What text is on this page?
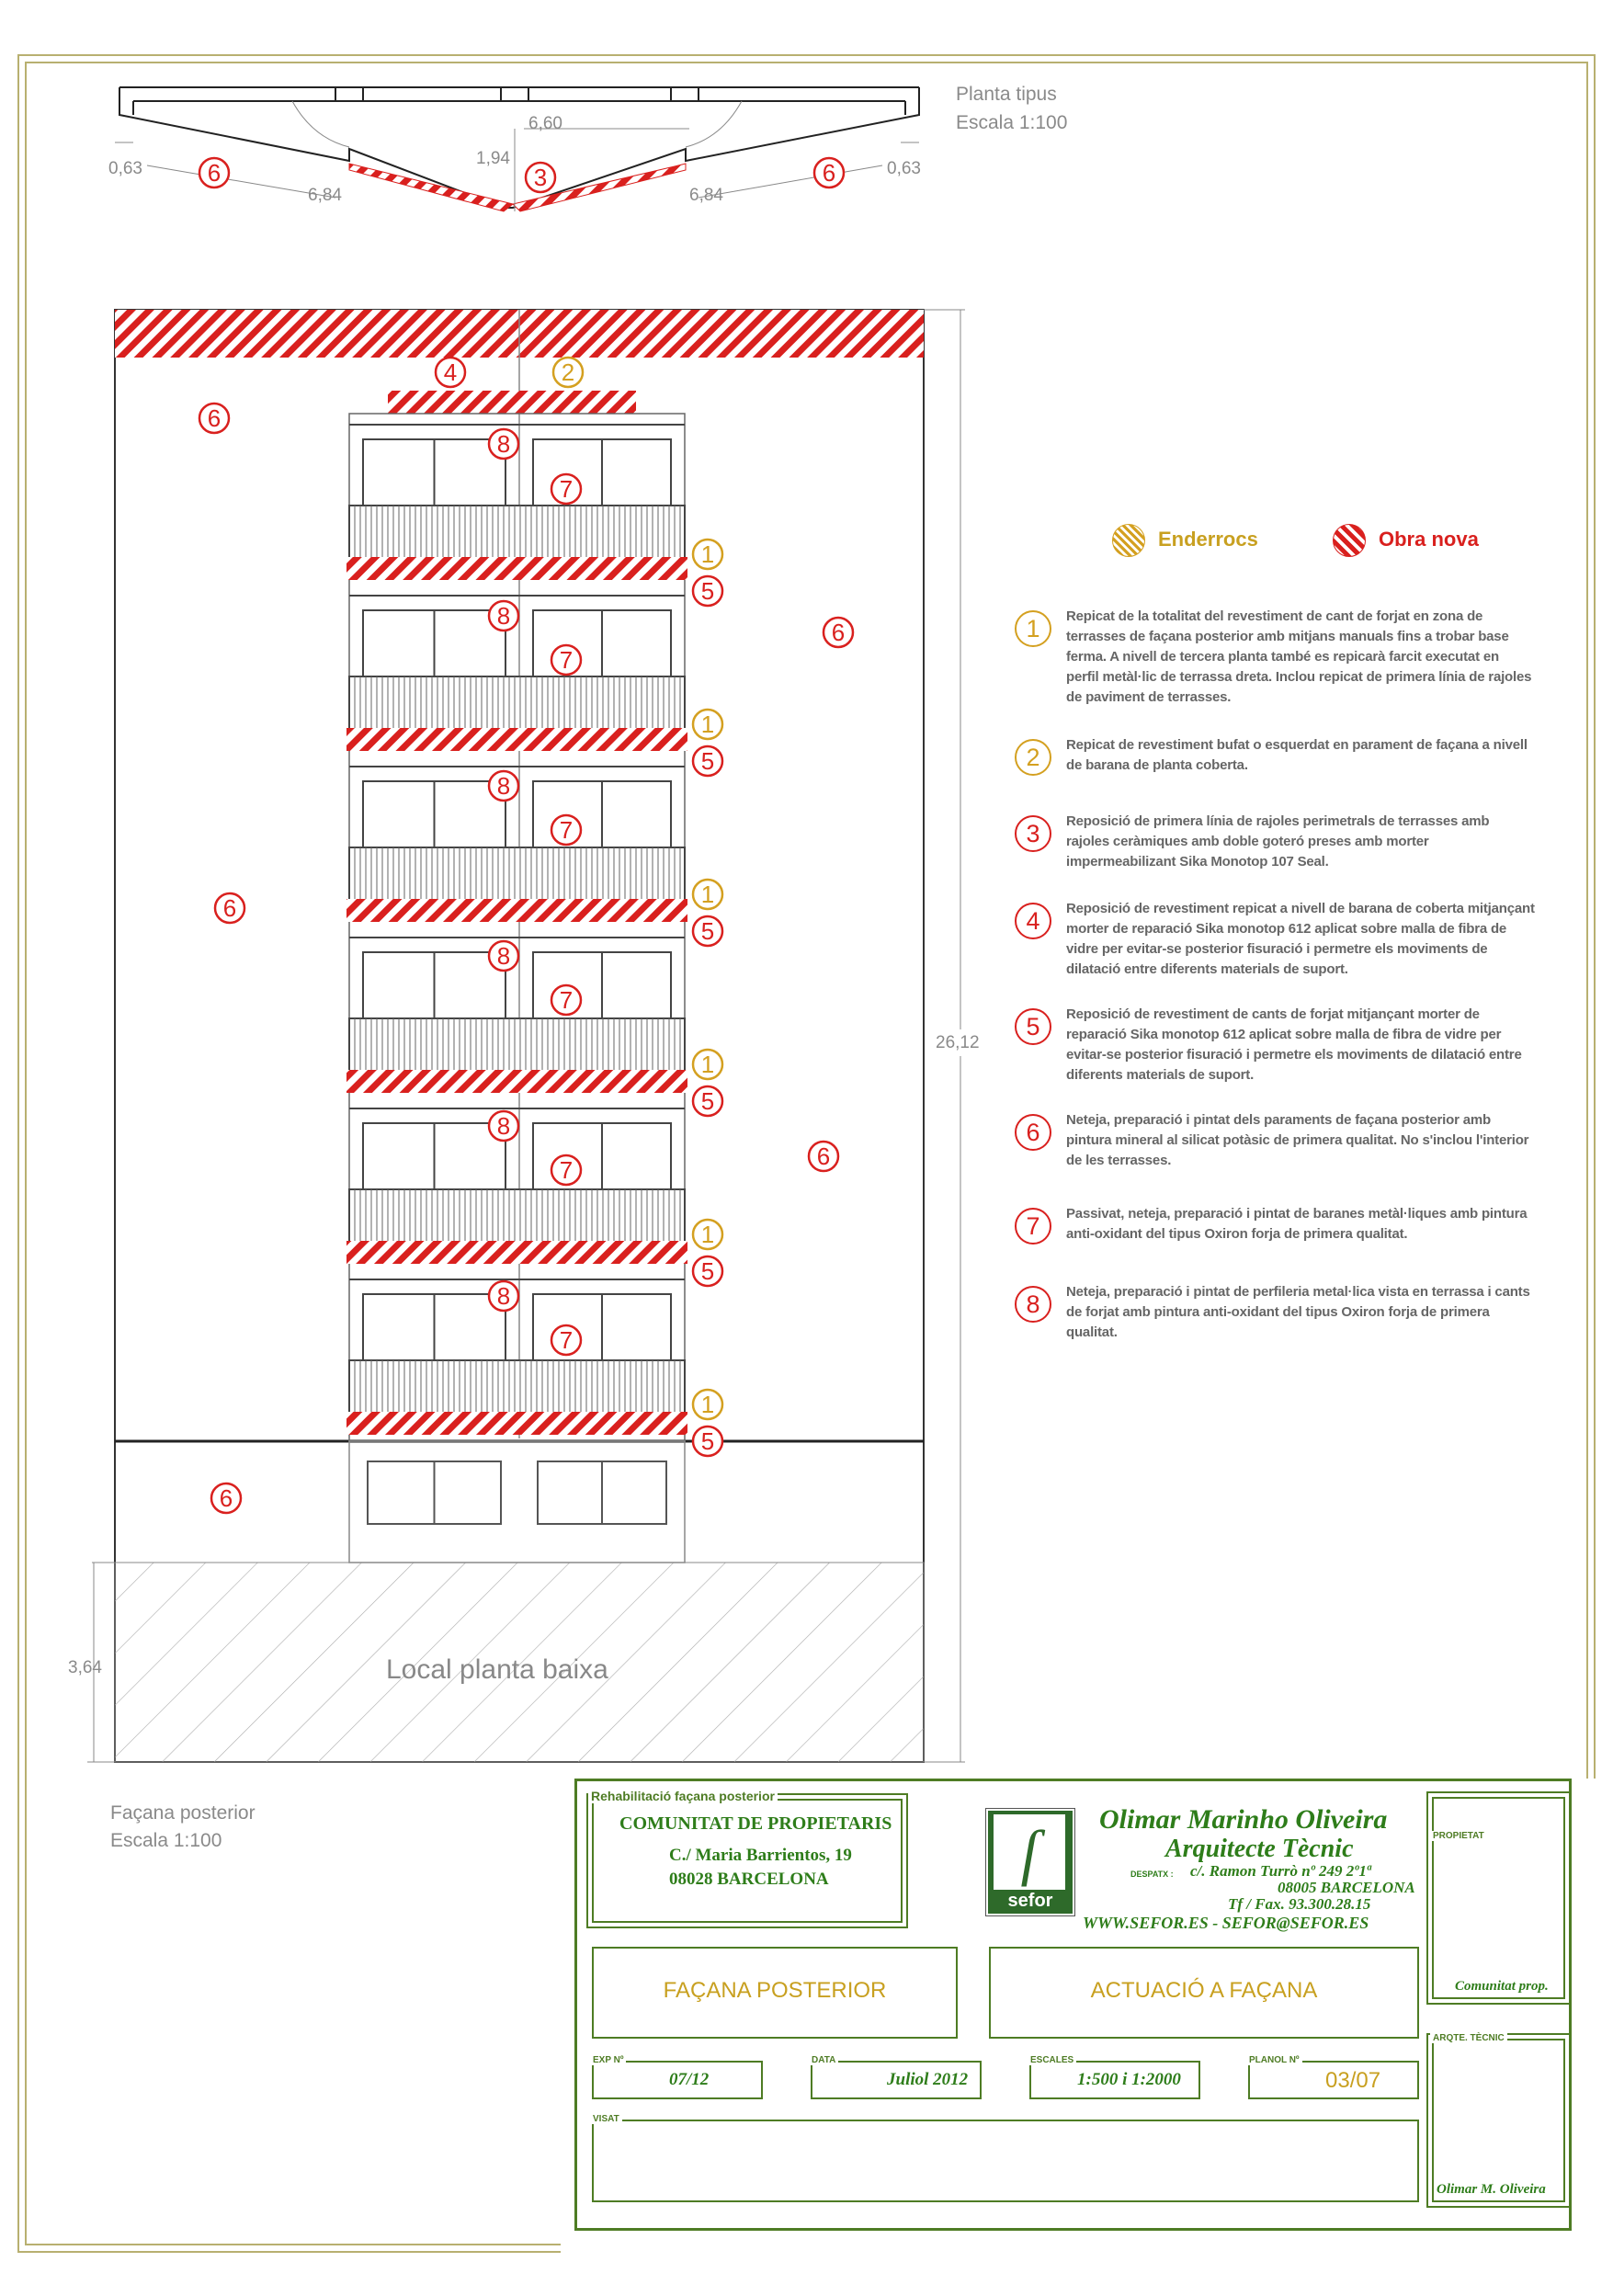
4	2
6
8
7
1
5
6
8
7
1
5
8
7
6	1
5
8
7
1
5
6
8
7
1
5
8
7
1
5
6
6	3	6
Planta tipus
Escala 1:100
0,63
6,84
1,94
6,60
6,84
0,63
26,12
3,64	Local planta baixa
Façana posterior
Escala 1:100
Enderrocs	Obra nova
1	Repicat de la totalitat del revestiment de cant de forjat en zona de terrasses de façana posterior amb mitjans manuals fins a trobar base ferma. A nivell de tercera planta també es repicarà farcit executat en perfil metàl·lic de terrassa dreta. Inclou repicat de primera línia de rajoles de paviment de terrasses.
2	Repicat de revestiment bufat o esquerdat en parament de façana a nivell de barana de planta coberta.
3	Reposició de primera línia de rajoles perimetrals de terrasses amb rajoles ceràmiques amb doble goteró preses amb morter impermeabilizant Sika Monotop 107 Seal.
4	Reposició de revestiment repicat a nivell de barana de coberta mitjançant morter de reparació Sika monotop 612 aplicat sobre malla de fibra de vidre per evitar-se posterior fisuració i permetre els moviments de dilatació entre diferents materials de suport.
5	Reposició de revestiment de cants de forjat mitjançant morter de reparació Sika monotop 612 aplicat sobre malla de fibra de vidre per evitar-se posterior fisuració i permetre els moviments de dilatació entre diferents materials de suport.
6	Neteja, preparació i pintat dels paraments de façana posterior amb pintura mineral al silicat potàsic de primera qualitat. No s'inclou l'interior de les terrasses.
7	Passivat, neteja, preparació i pintat de baranes metàl·liques amb pintura anti-oxidant del tipus Oxiron forja de primera qualitat.
8	Neteja, preparació i pintat de perfileria metal·lica vista en terrassa i cants de forjat amb pintura anti-oxidant del tipus Oxiron forja de primera qualitat.
Rehabilitació façana posterior
COMUNITAT DE PROPIETARIS
C./ Maria Barrientos, 19
08028 BARCELONA	ſ
sefor
Olimar Marinho Oliveira
Arquitecte Tècnic
DESPATX : c/. Ramon Turrò nº 249 2º1ª
08005 BARCELONA
Tf / Fax. 93.300.28.15
WWW.SEFOR.ES - SEFOR@SEFOR.ES
FAÇANA POSTERIOR	ACTUACIÓ A FAÇANA
EXP Nº
07/12
DATA
Juliol 2012
ESCALES
1:500 i 1:2000
PLANOL Nº
03/07
VISAT
PROPIETAT
Comunitat prop.
ARQTE. TÈCNIC
Olimar M. Oliveira
